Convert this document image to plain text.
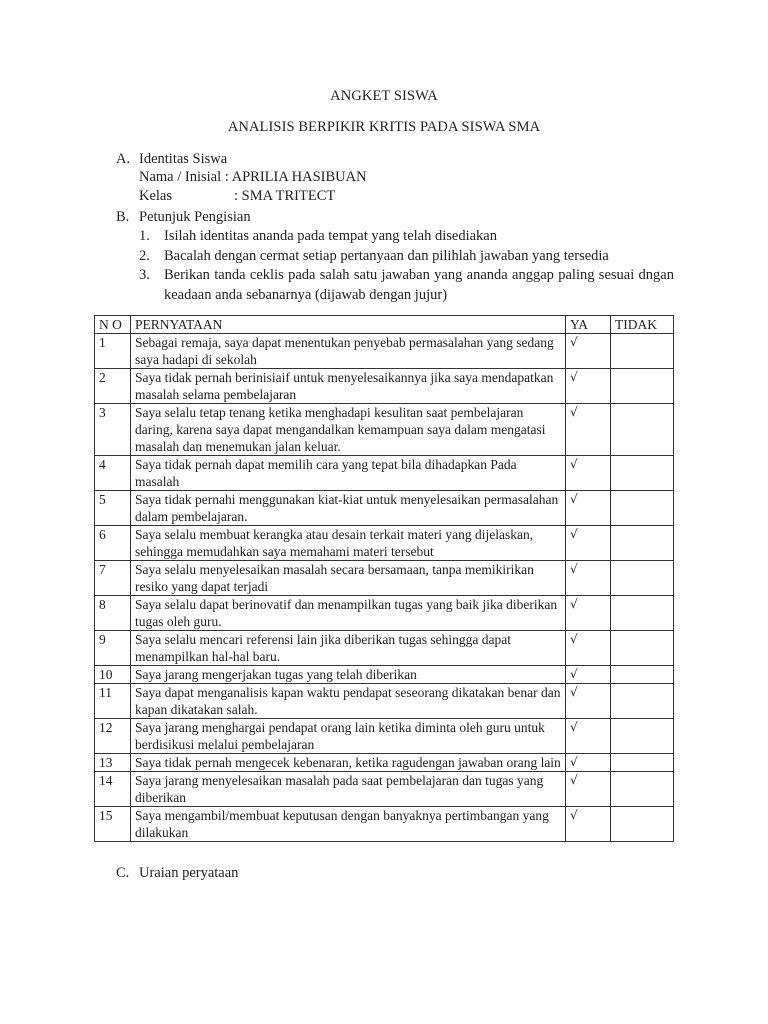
ANGKET SISWA
ANALISIS BERPIKIR KRITIS PADA SISWA SMA
A. Identitas Siswa
Nama / Inisial : APRILIA HASIBUAN
Kelas	: SMA TRITECT
B. Petunjuk Pengisian
1. Isilah identitas ananda pada tempat yang telah disediakan
2. Bacalah dengan cermat setiap pertanyaan dan pilihlah jawaban yang tersedia
3. Berikan tanda ceklis pada salah satu jawaban yang ananda anggap paling sesuai dngan keadaan anda sebanarnya (dijawab dengan jujur)
N O	PERNYATAAN	YA	TIDAK
1	Sebagai remaja, saya dapat menentukan penyebab permasalahan yang sedang saya hadapi di sekolah	√	
2	Saya tidak pernah berinisiaif untuk menyelesaikannya jika saya mendapatkan masalah selama pembelajaran	√	
3	Saya selalu tetap tenang ketika menghadapi kesulitan saat pembelajaran daring, karena saya dapat mengandalkan kemampuan saya dalam mengatasi masalah dan menemukan jalan keluar.	√	
4	Saya tidak pernah dapat memilih cara yang tepat bila dihadapkan Pada masalah	√	
5	Saya tidak pernahi menggunakan kiat-kiat untuk menyelesaikan permasalahan dalam pembelajaran.	√	
6	Saya selalu membuat kerangka atau desain terkait materi yang dijelaskan, sehingga memudahkan saya memahami materi tersebut	√	
7	Saya selalu menyelesaikan masalah secara bersamaan, tanpa memikirikan resiko yang dapat terjadi	√	
8	Saya selalu dapat berinovatif dan menampilkan tugas yang baik jika diberikan tugas oleh guru.	√	
9	Saya selalu mencari referensi lain jika diberikan tugas sehingga dapat menampilkan hal-hal baru.	√	
10	Saya jarang mengerjakan tugas yang telah diberikan	√	
11	Saya dapat menganalisis kapan waktu pendapat seseorang dikatakan benar dan kapan dikatakan salah.	√	
12	Saya jarang menghargai pendapat orang lain ketika diminta oleh guru untuk berdisikusi melalui pembelajaran	√	
13	Saya tidak pernah mengecek kebenaran, ketika ragudengan jawaban orang lain	√	
14	Saya jarang menyelesaikan masalah pada saat pembelajaran dan tugas yang diberikan	√	
15	Saya mengambil/membuat keputusan dengan banyaknya pertimbangan yang dilakukan	√	
C. Uraian peryataan
